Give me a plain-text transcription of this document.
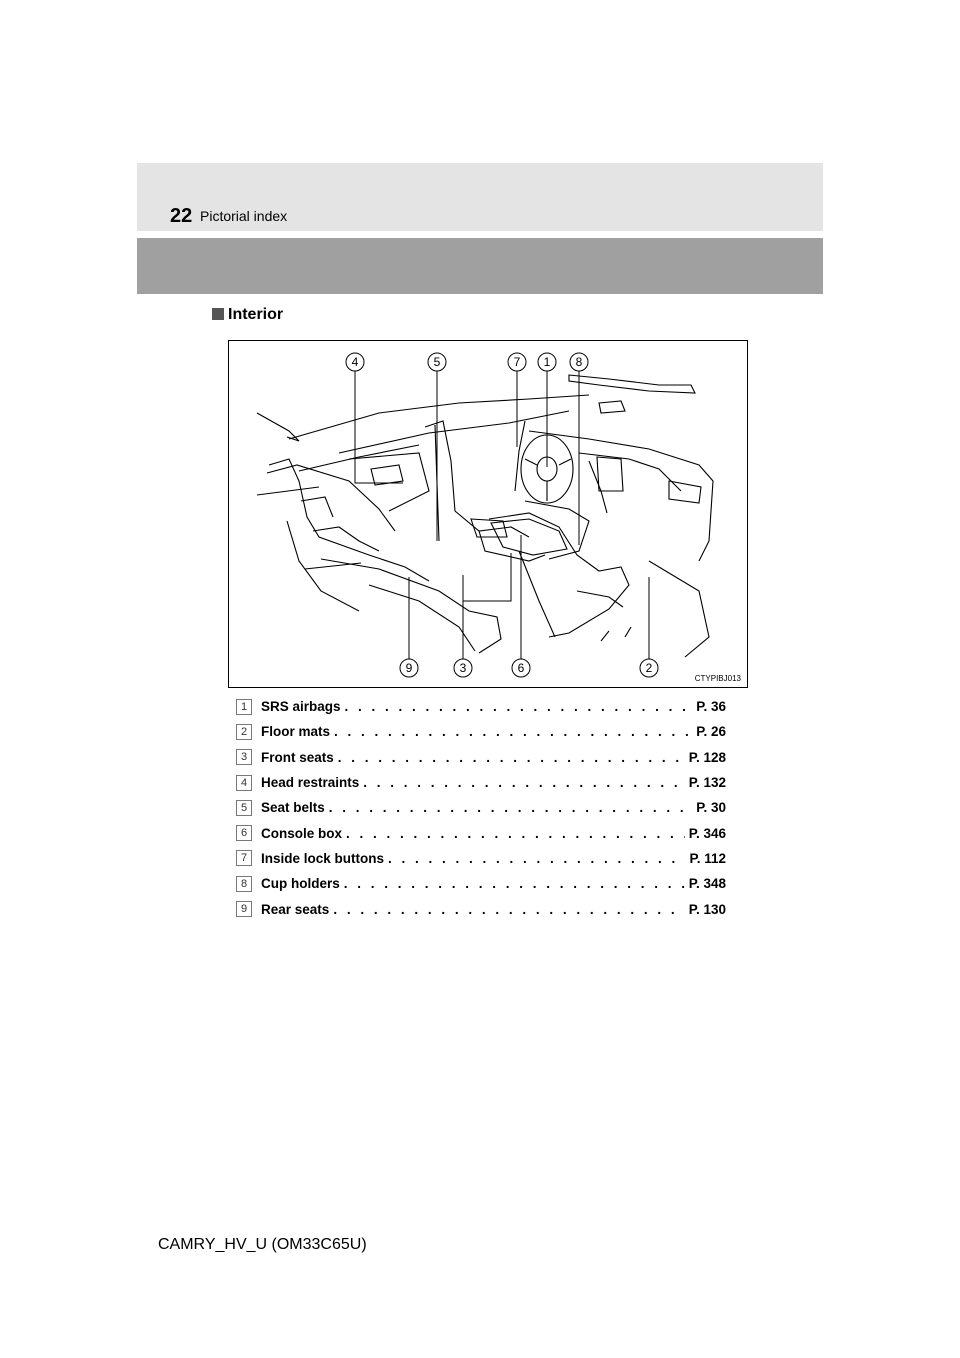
22 Pictorial index
Interior
4	5	7 1 8
9	3	6	2
CTYPIBJ013
1	SRS airbags . . .	P. 36
2	Floor mats . . .	P. 26
3	Front seats . . .	P. 128
4	Head restraints . . .	P. 132
5	Seat belts . . .	P. 30
6	Console box . . .	P. 346
7	Inside lock buttons . . .	P. 112
8	Cup holders . . .	P. 348
9	Rear seats . . .	P. 130
CAMRY_HV_U (OM33C65U)
